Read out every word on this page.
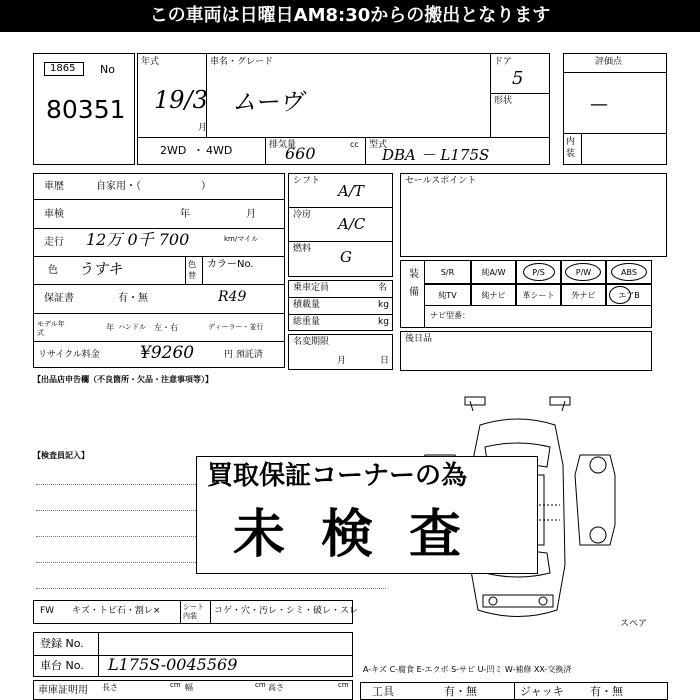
この車両は日曜日AM8:30からの搬出となります
1865 No
80351
年式
19/3
月
車名・グレード
ムーヴ
ドア
5
形状
2WD ・ 4WD	排気量
660	cc 型式
DBA － L175S
評価点
—
内装
車歴	自家用・（　　　　　　）
車検	年	月
走行 12万 0千 700	km/マイル
色 うすキ	色替
カラーNo.
保証書	有・無	R49
モデル年式
年 ハンドル 左・右	ディーラー・並行
リサイクル料金 ¥9260	円 預託済
シフト
A/T
冷房 A/C
燃料 G
乗車定員	名
積載量	kg
総重量	kg
名変期限
月	日
セールスポイント
装備
S/R	純A/W	P/S	P/W	ABS
純TV	純ナビ	革シート	外ナビ	エアB
ナビ型番：
後日品
【出品店申告欄（不良箇所・欠品・注意事項等）】
【検査員記入】
スペア
買取保証コーナーの為
未検査
FW キズ・トビ石・割レ×	シート内装	コゲ・穴・汚レ・シミ・破レ・スレ
登録 No.
車台 No. L175S-0045569
車庫証明用 長さ	cm 幅	cm 高さ	cm
A-キズ C-腐食 E-エクボ S-サビ U-凹ミ W-補修 XX-交換済
工具	有・無	ジャッキ 有・無
